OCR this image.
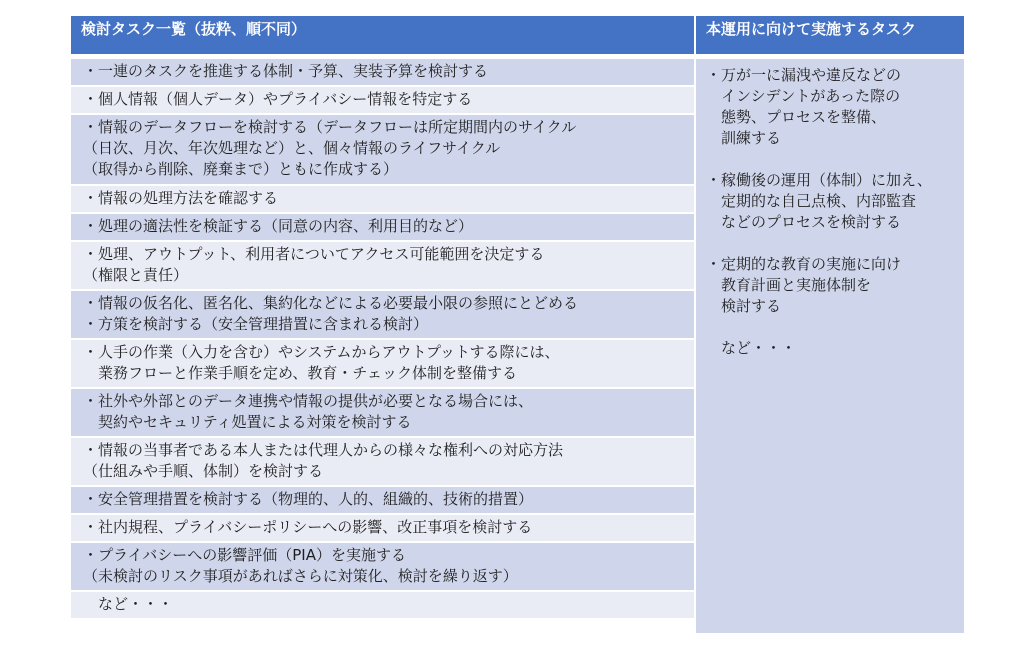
検討タスク一覧（抜粋、順不同）	本運用に向けて実施するタスク
・一連のタスクを推進する体制・予算、実装予算を検討する
・個人情報（個人データ）やプライバシー情報を特定する
・情報のデータフローを検討する（データフローは所定期間内のサイクル
（日次、月次、年次処理など）と、個々情報のライフサイクル
（取得から削除、廃棄まで）ともに作成する）
・情報の処理方法を確認する
・処理の適法性を検証する（同意の内容、利用目的など）
・処理、アウトプット、利用者についてアクセス可能範囲を決定する
（権限と責任）
・情報の仮名化、匿名化、集約化などによる必要最小限の参照にとどめる
・方策を検討する（安全管理措置に含まれる検討）
・人手の作業（入力を含む）やシステムからアウトプットする際には、
　業務フローと作業手順を定め、教育・チェック体制を整備する
・社外や外部とのデータ連携や情報の提供が必要となる場合には、
　契約やセキュリティ処置による対策を検討する
・情報の当事者である本人または代理人からの様々な権利への対応方法
（仕組みや手順、体制）を検討する
・安全管理措置を検討する（物理的、人的、組織的、技術的措置）
・社内規程、プライバシーポリシーへの影響、改正事項を検討する
・プライバシーへの影響評価（PIA）を実施する
（未検討のリスク事項があればさらに対策化、検討を繰り返す）
　など・・・
・万が一に漏洩や違反などの
　インシデントがあった際の
　態勢、プロセスを整備、
　訓練する
・稼働後の運用（体制）に加え、
　定期的な自己点検、内部監査
　などのプロセスを検討する
・定期的な教育の実施に向け
　教育計画と実施体制を
　検討する
　など・・・
